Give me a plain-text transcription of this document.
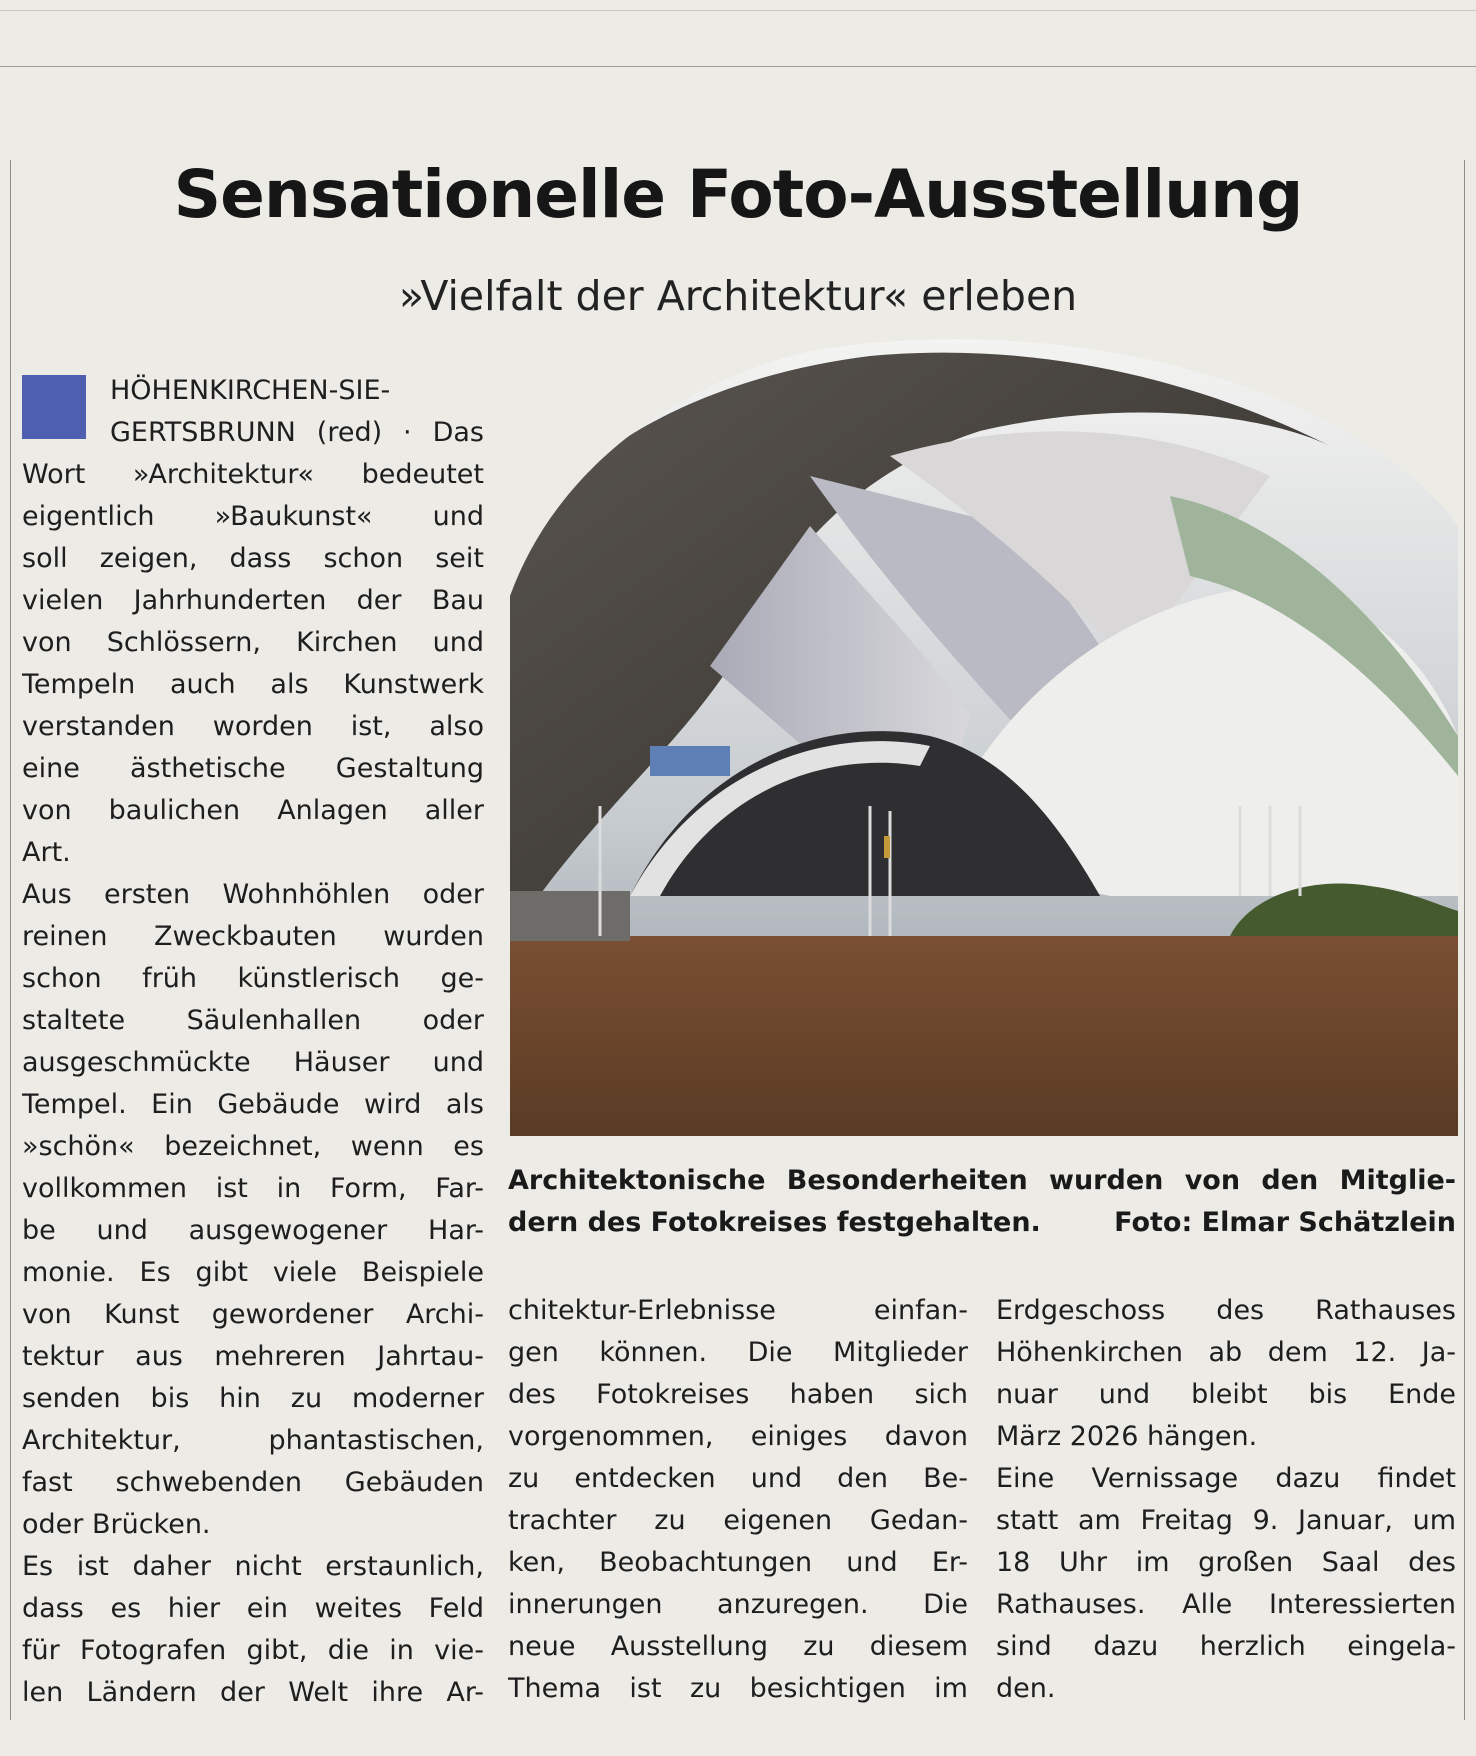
Sensationelle Foto-Ausstellung
»Vielfalt der Architektur« erleben
HÖHENKIRCHEN-SIE-
GERTSBRUNN (red) · Das
Wort »Architektur« bedeutet
eigentlich »Baukunst« und
soll zeigen, dass schon seit
vielen Jahrhunderten der Bau
von Schlössern, Kirchen und
Tempeln auch als Kunstwerk
verstanden worden ist, also
eine ästhetische Gestaltung
von baulichen Anlagen aller
Art.
Aus ersten Wohnhöhlen oder
reinen Zweckbauten wurden
schon früh künstlerisch ge-
staltete Säulenhallen oder
ausgeschmückte Häuser und
Tempel. Ein Gebäude wird als
»schön« bezeichnet, wenn es
vollkommen ist in Form, Far-
be und ausgewogener Har-
monie. Es gibt viele Beispiele
von Kunst gewordener Archi-
tektur aus mehreren Jahrtau-
senden bis hin zu moderner
Architektur, phantastischen,
fast schwebenden Gebäuden
oder Brücken.
Es ist daher nicht erstaunlich,
dass es hier ein weites Feld
für Fotografen gibt, die in vie-
len Ländern der Welt ihre Ar-
Architektonische Besonderheiten wurden von den Mitglie-
dern des Fotokreises festgehalten.	Foto: Elmar Schätzlein
chitektur-Erlebnisse einfan-
gen können. Die Mitglieder
des Fotokreises haben sich
vorgenommen, einiges davon
zu entdecken und den Be-
trachter zu eigenen Gedan-
ken, Beobachtungen und Er-
innerungen anzuregen. Die
neue Ausstellung zu diesem
Thema ist zu besichtigen im
Erdgeschoss des Rathauses
Höhenkirchen ab dem 12. Ja-
nuar und bleibt bis Ende
März 2026 hängen.
Eine Vernissage dazu findet
statt am Freitag 9. Januar, um
18 Uhr im großen Saal des
Rathauses. Alle Interessierten
sind dazu herzlich eingela-
den.
